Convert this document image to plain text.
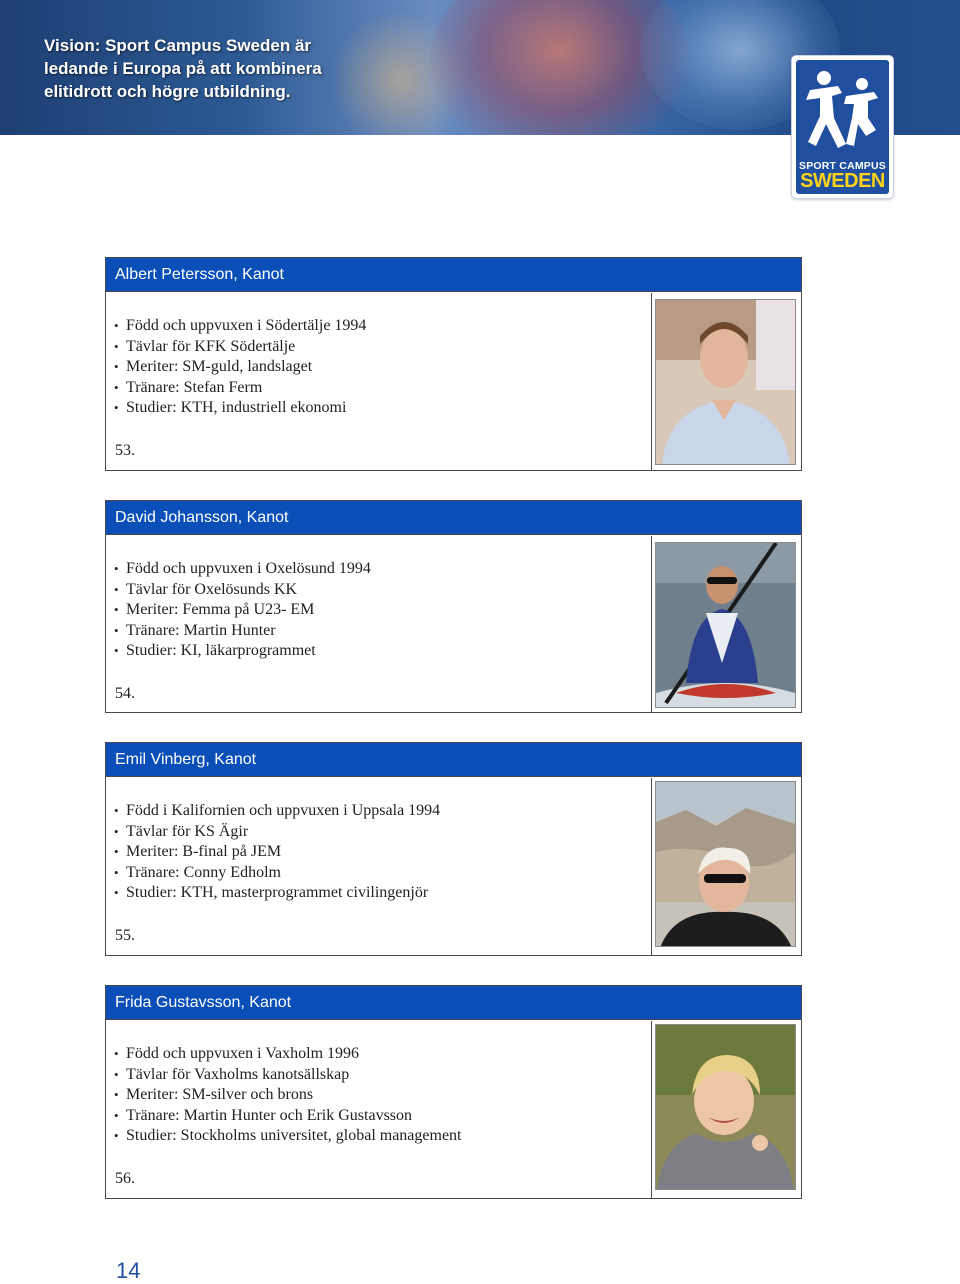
Vision: Sport Campus Sweden är
ledande i Europa på att kombinera
elitidrott och högre utbildning.

SPORT CAMPUS
SWEDEN
Albert Petersson, Kanot
• Född och uppvuxen i Södertälje 1994
• Tävlar för KFK Södertälje
• Meriter: SM-guld, landslaget
• Tränare: Stefan Ferm
• Studier: KTH, industriell ekonomi
53.
David Johansson, Kanot
• Född och uppvuxen i Oxelösund 1994
• Tävlar för Oxelösunds KK
• Meriter: Femma på U23- EM
• Tränare: Martin Hunter
• Studier: KI, läkarprogrammet
54.
Emil Vinberg, Kanot
• Född i Kalifornien och uppvuxen i Uppsala 1994
• Tävlar för KS Ägir
• Meriter: B-final på JEM
• Tränare: Conny Edholm
• Studier: KTH, masterprogrammet civilingenjör
55.
Frida Gustavsson, Kanot
• Född och uppvuxen i Vaxholm 1996
• Tävlar för Vaxholms kanotsällskap
• Meriter: SM-silver och brons
• Tränare: Martin Hunter och Erik Gustavsson
• Studier: Stockholms universitet, global management
56.
14
